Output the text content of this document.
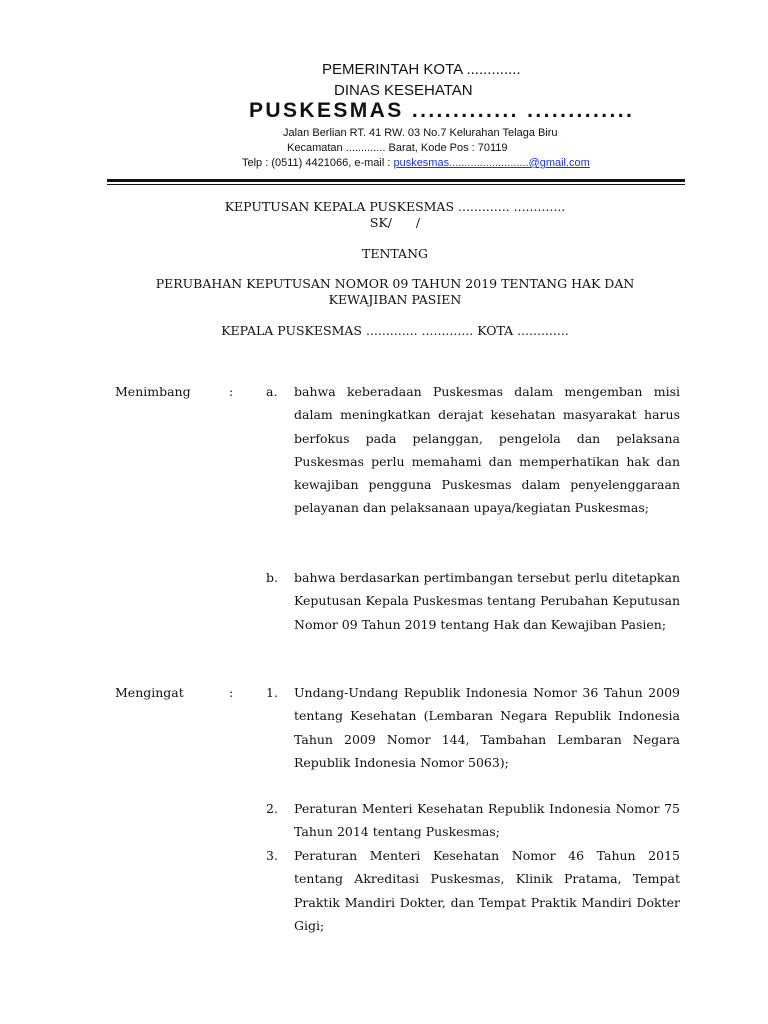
PEMERINTAH KOTA .............
DINAS KESEHATAN
PUSKESMAS ............. .............
Jalan Berlian RT. 41 RW. 03 No.7 Kelurahan Telaga Biru
Kecamatan ............. Barat, Kode Pos : 70119
Telp : (0511) 4421066, e-mail : puskesmas..........................@gmail.com
KEPUTUSAN KEPALA PUSKESMAS ............. .............
SK/      /
TENTANG
PERUBAHAN KEPUTUSAN NOMOR 09 TAHUN 2019 TENTANG HAK DAN
KEWAJIBAN PASIEN
KEPALA PUSKESMAS ............. ............. KOTA .............
Menimbang	:	a. bahwa keberadaan Puskesmas dalam mengemban misi dalam meningkatkan derajat kesehatan masyarakat harus berfokus pada pelanggan, pengelola dan pelaksana Puskesmas perlu memahami dan memperhatikan hak dan kewajiban pengguna Puskesmas dalam penyelenggaraan pelayanan dan pelaksanaan upaya/kegiatan Puskesmas;
b. bahwa berdasarkan pertimbangan tersebut perlu ditetapkan Keputusan Kepala Puskesmas tentang Perubahan Keputusan Nomor 09 Tahun 2019 tentang Hak dan Kewajiban Pasien;
Mengingat	:	1. Undang-Undang Republik Indonesia Nomor 36 Tahun 2009 tentang Kesehatan (Lembaran Negara Republik Indonesia Tahun 2009 Nomor 144, Tambahan Lembaran Negara Republik Indonesia Nomor 5063);
2. Peraturan Menteri Kesehatan Republik Indonesia Nomor 75 Tahun 2014 tentang Puskesmas;
3. Peraturan Menteri Kesehatan Nomor 46 Tahun 2015 tentang Akreditasi Puskesmas, Klinik Pratama, Tempat Praktik Mandiri Dokter, dan Tempat Praktik Mandiri Dokter Gigi;
